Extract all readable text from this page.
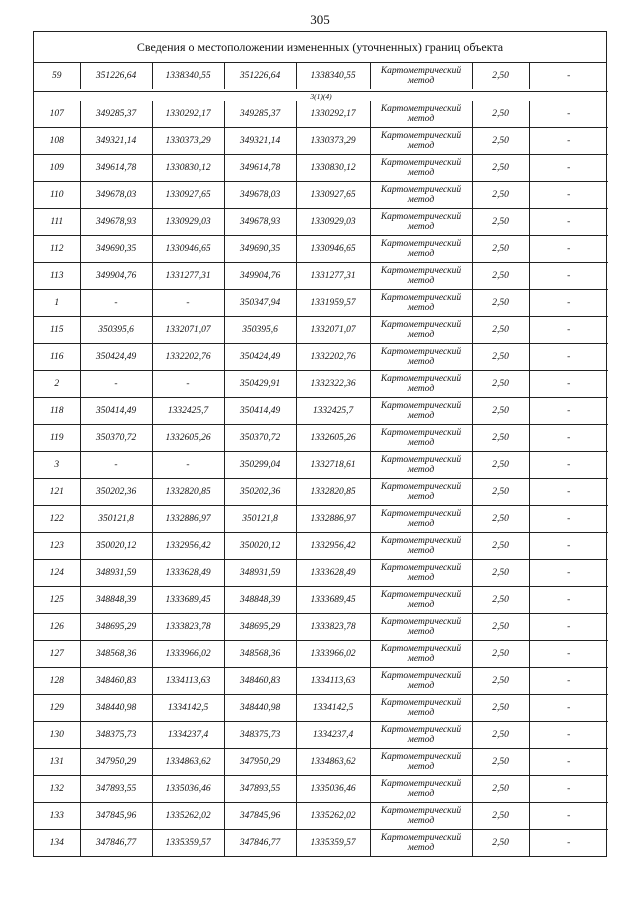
305
Сведения о местоположении измененных (уточненных) границ объекта
59	351226,64	1338340,55	351226,64	1338340,55	Картометрический метод	2,50	-

3(1)(4)							
107	349285,37	1330292,17	349285,37	1330292,17	Картометрический метод	2,50	-
108	349321,14	1330373,29	349321,14	1330373,29	Картометрический метод	2,50	-
109	349614,78	1330830,12	349614,78	1330830,12	Картометрический метод	2,50	-
110	349678,03	1330927,65	349678,03	1330927,65	Картометрический метод	2,50	-
111	349678,93	1330929,03	349678,93	1330929,03	Картометрический метод	2,50	-
112	349690,35	1330946,65	349690,35	1330946,65	Картометрический метод	2,50	-
113	349904,76	1331277,31	349904,76	1331277,31	Картометрический метод	2,50	-
1	-	-	350347,94	1331959,57	Картометрический метод	2,50	-
115	350395,6	1332071,07	350395,6	1332071,07	Картометрический метод	2,50	-
116	350424,49	1332202,76	350424,49	1332202,76	Картометрический метод	2,50	-
2	-	-	350429,91	1332322,36	Картометрический метод	2,50	-
118	350414,49	1332425,7	350414,49	1332425,7	Картометрический метод	2,50	-
119	350370,72	1332605,26	350370,72	1332605,26	Картометрический метод	2,50	-
3	-	-	350299,04	1332718,61	Картометрический метод	2,50	-
121	350202,36	1332820,85	350202,36	1332820,85	Картометрический метод	2,50	-
122	350121,8	1332886,97	350121,8	1332886,97	Картометрический метод	2,50	-
123	350020,12	1332956,42	350020,12	1332956,42	Картометрический метод	2,50	-
124	348931,59	1333628,49	348931,59	1333628,49	Картометрический метод	2,50	-
125	348848,39	1333689,45	348848,39	1333689,45	Картометрический метод	2,50	-
126	348695,29	1333823,78	348695,29	1333823,78	Картометрический метод	2,50	-
127	348568,36	1333966,02	348568,36	1333966,02	Картометрический метод	2,50	-
128	348460,83	1334113,63	348460,83	1334113,63	Картометрический метод	2,50	-
129	348440,98	1334142,5	348440,98	1334142,5	Картометрический метод	2,50	-
130	348375,73	1334237,4	348375,73	1334237,4	Картометрический метод	2,50	-
131	347950,29	1334863,62	347950,29	1334863,62	Картометрический метод	2,50	-
132	347893,55	1335036,46	347893,55	1335036,46	Картометрический метод	2,50	-
133	347845,96	1335262,02	347845,96	1335262,02	Картометрический метод	2,50	-
134	347846,77	1335359,57	347846,77	1335359,57	Картометрический метод	2,50	-
